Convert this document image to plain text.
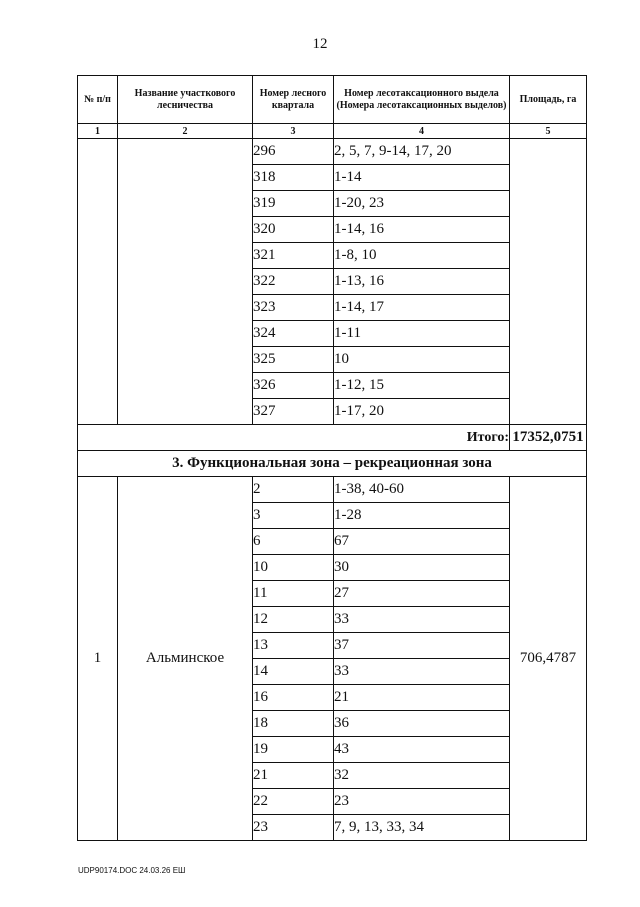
12
№ п/п	Название участкового лесничества	Номер лесного квартала	Номер лесотаксационного выдела (Номера лесотаксационных выделов)	Площадь, га
1	2	3	4	5
		296	2, 5, 7, 9-14, 17, 20	
		318	1-14	
		319	1-20, 23	
		320	1-14, 16	
		321	1-8, 10	
		322	1-13, 16	
		323	1-14, 17	
		324	1-11	
		325	10	
		326	1-12, 15	
		327	1-17, 20	
Итого:				17352,0751
3. Функциональная зона – рекреационная зона				
1	Альминское	2	1-38, 40-60	706,4787
		3	1-28	
		6	67	
		10	30	
		11	27	
		12	33	
		13	37	
		14	33	
		16	21	
		18	36	
		19	43	
		21	32	
		22	23	
		23	7, 9, 13, 33, 34	
UDP90174.DOC 24.03.26 ЕШ
